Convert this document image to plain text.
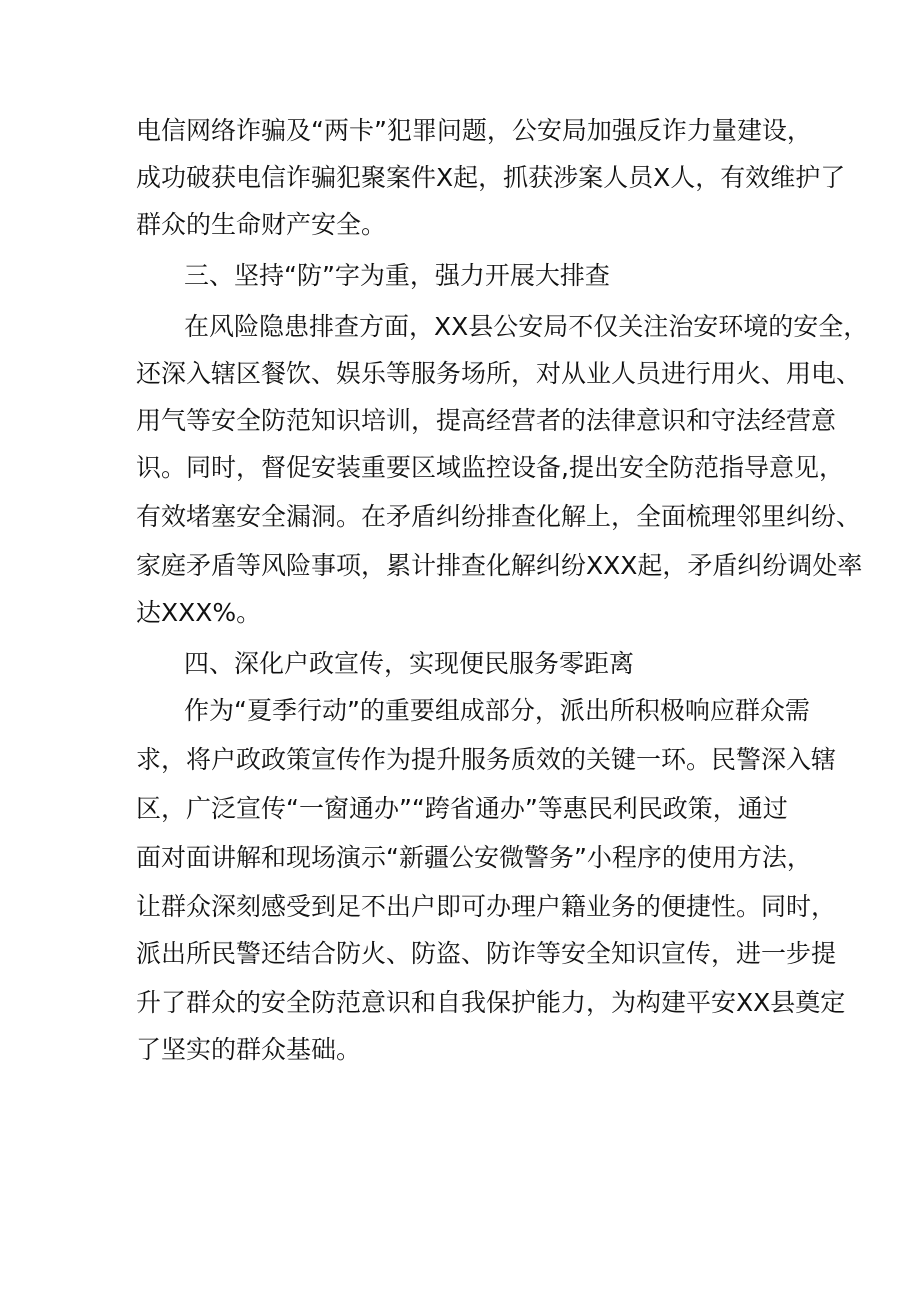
电信网络诈骗及“两卡”犯罪问题，公安局加强反诈力量建设，
成功破获电信诈骗犯聚案件X起，抓获涉案人员X人，有效维护了
群众的生命财产安全。
三、坚持“防”字为重，强力开展大排查
在风险隐患排查方面，XX县公安局不仅关注治安环境的安全，
还深入辖区餐饮、娱乐等服务场所，对从业人员进行用火、用电、
用气等安全防范知识培训，提高经营者的法律意识和守法经营意
识。同时，督促安装重要区域监控设备,提出安全防范指导意见，
有效堵塞安全漏洞。在矛盾纠纷排查化解上，全面梳理邻里纠纷、
家庭矛盾等风险事项，累计排查化解纠纷XXX起，矛盾纠纷调处率
达XXX%。
四、深化户政宣传，实现便民服务零距离
作为“夏季行动”的重要组成部分，派出所积极响应群众需
求，将户政政策宣传作为提升服务质效的关键一环。民警深入辖
区，广泛宣传“一窗通办”“跨省通办”等惠民利民政策，通过
面对面讲解和现场演示“新疆公安微警务”小程序的使用方法，
让群众深刻感受到足不出户即可办理户籍业务的便捷性。同时，
派出所民警还结合防火、防盗、防诈等安全知识宣传，进一步提
升了群众的安全防范意识和自我保护能力，为构建平安XX县奠定
了坚实的群众基础。
